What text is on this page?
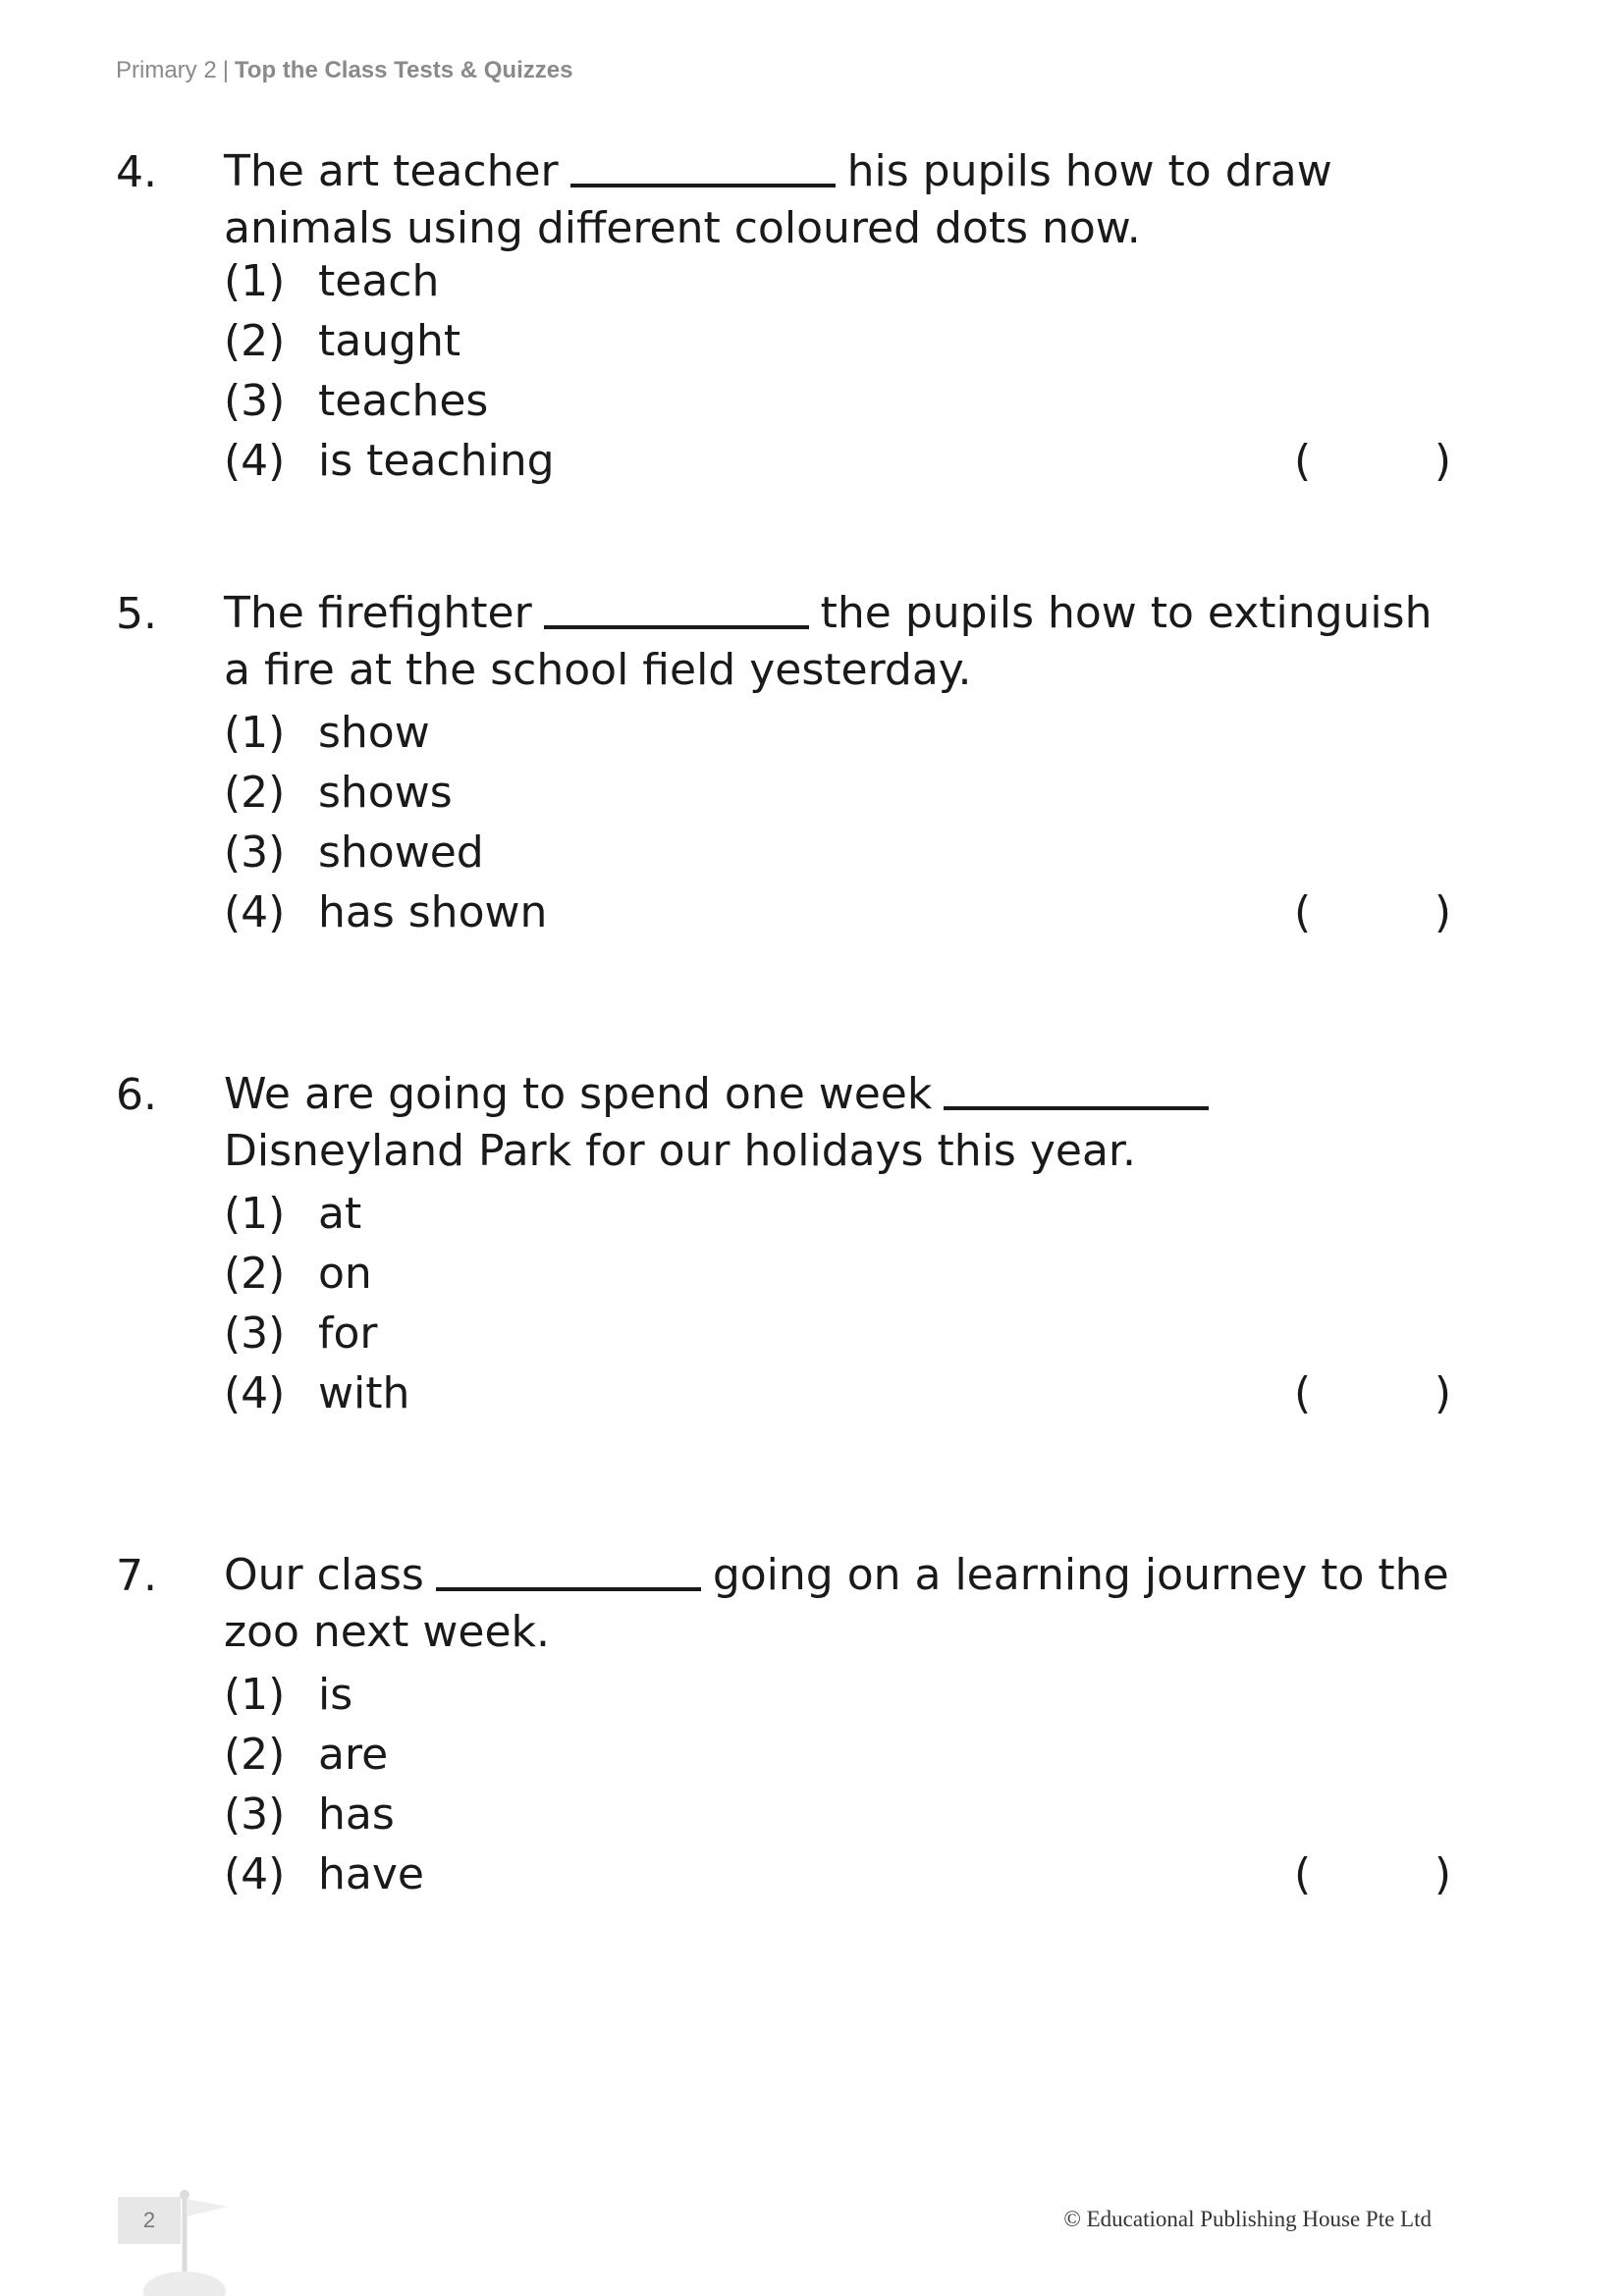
Primary 2 | Top the Class Tests & Quizzes
4. The art teacher	his pupils how to draw animals using different coloured dots now.
(1) teach
(2) taught
(3) teaches
(4) is teaching	(	)
5. The firefighter	the pupils how to extinguish a fire at the school field yesterday.
(1) show
(2) shows
(3) showed
(4) has shown	(	)
6. We are going to spend one weekDisneyland Park for our holidays this year.
(1) at
(2) on
(3) for
(4) with	(	)
7. Our class	going on a learning journey to the zoo next week.
(1) is
(2) are
(3) has
(4) have	(	)
2	© Educational Publishing House Pte Ltd
